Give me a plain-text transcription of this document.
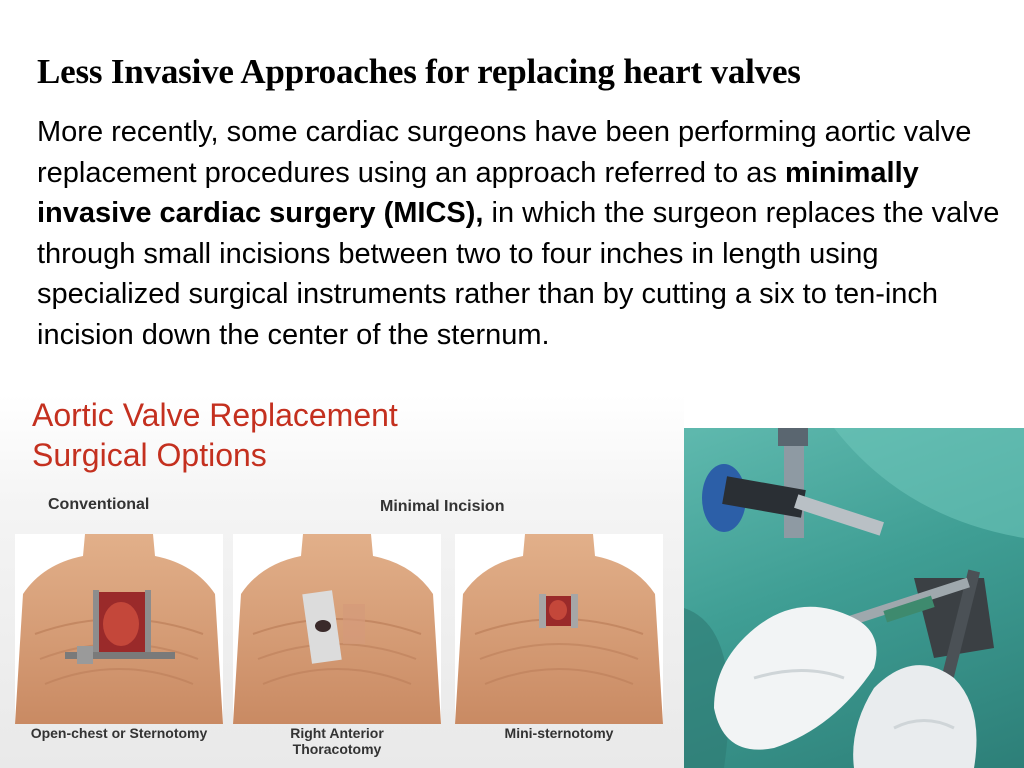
Less Invasive Approaches for replacing heart valves
More recently, some cardiac surgeons have been performing aortic valve replacement procedures using an approach referred to as minimally invasive cardiac surgery (MICS), in which the surgeon replaces the valve through small incisions between two to four inches in length using specialized surgical instruments rather than by cutting a six to ten-inch incision down the center of the sternum.
Aortic Valve Replacement
Surgical Options
Conventional	Minimal Incision
Open-chest or Sternotomy	Right Anterior
Thoracotomy
Mini-sternotomy
